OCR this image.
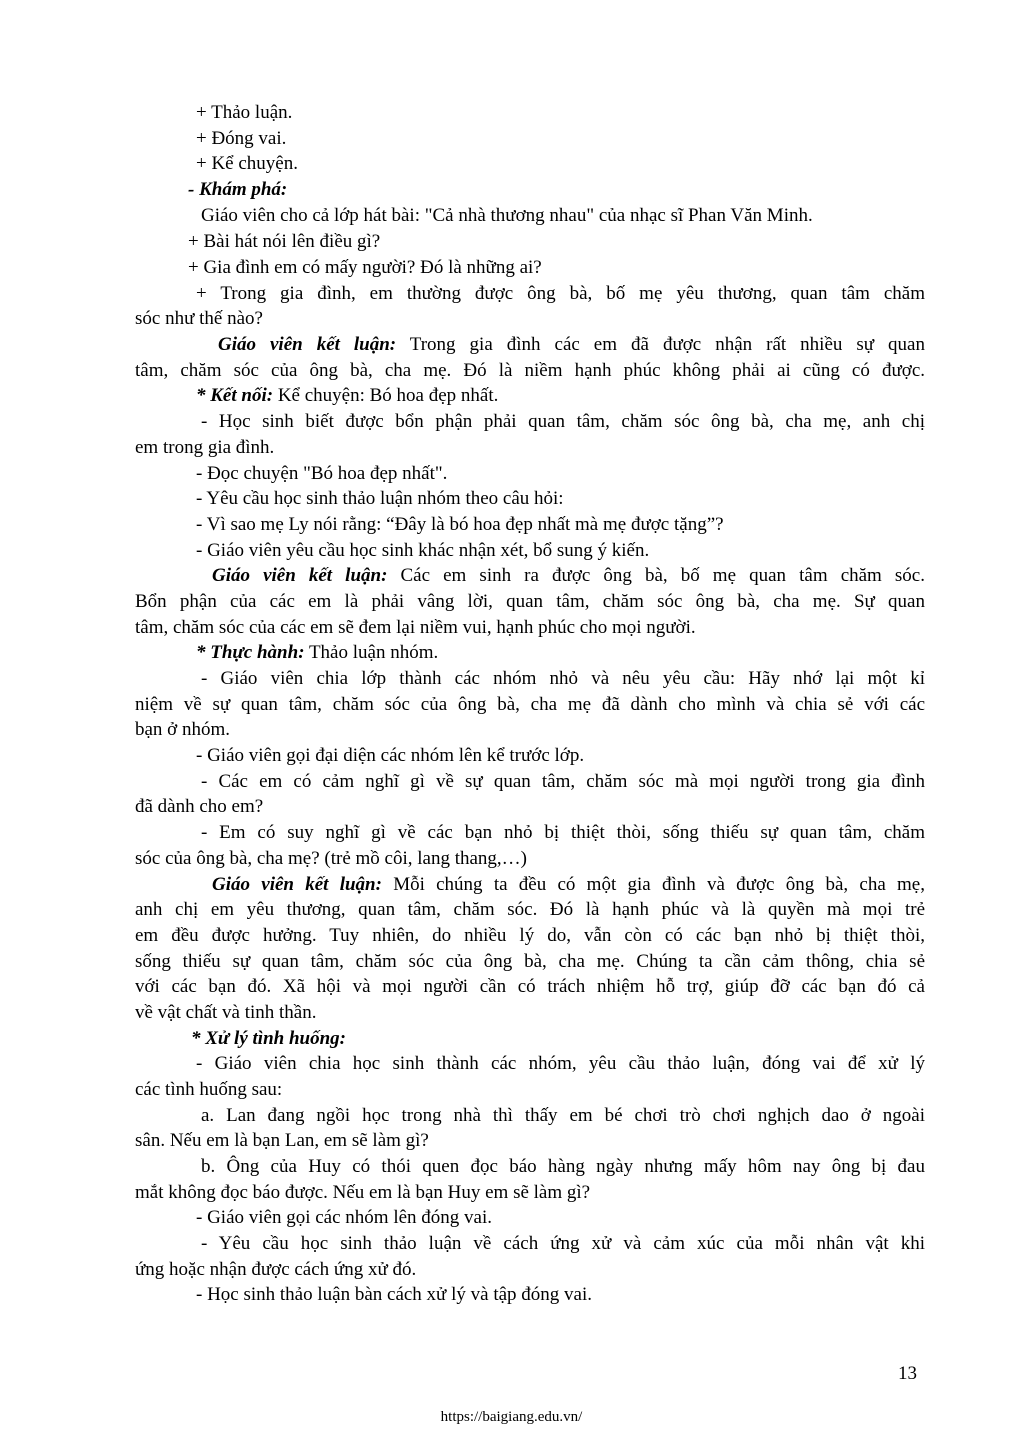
+ Thảo luận.
+ Đóng vai.
+ Kể chuyện.
- Khám phá:
Giáo viên cho cả lớp hát bài: "Cả nhà thương nhau" của nhạc sĩ Phan Văn Minh.
+ Bài hát nói lên điều gì?
+ Gia đình em có mấy người? Đó là những ai?
+ Trong gia đình, em thường được ông bà, bố mẹ yêu thương, quan tâm chăm
sóc như thế nào?
Giáo viên kết luận: Trong gia đình các em đã được nhận rất nhiều sự quan
tâm, chăm sóc của ông bà, cha mẹ. Đó là niềm hạnh phúc không phải ai cũng có được.
* Kết nối: Kể chuyện: Bó hoa đẹp nhất.
- Học sinh biết được bổn phận phải quan tâm, chăm sóc ông bà, cha mẹ, anh chị
em trong gia đình.
- Đọc chuyện "Bó hoa đẹp nhất".
- Yêu cầu học sinh thảo luận nhóm theo câu hỏi:
- Vì sao mẹ Ly nói rằng: “Đây là bó hoa đẹp nhất mà mẹ được tặng”?
- Giáo viên yêu cầu học sinh khác nhận xét, bổ sung ý kiến.
Giáo viên kết luận: Các em sinh ra được ông bà, bố mẹ quan tâm chăm sóc.
Bổn phận của các em là phải vâng lời, quan tâm, chăm sóc ông bà, cha mẹ. Sự quan
tâm, chăm sóc của các em sẽ đem lại niềm vui, hạnh phúc cho mọi người.
* Thực hành: Thảo luận nhóm.
- Giáo viên chia lớp thành các nhóm nhỏ và nêu yêu cầu: Hãy nhớ lại một kỉ
niệm về sự quan tâm, chăm sóc của ông bà, cha mẹ đã dành cho mình và chia sẻ với các
bạn ở nhóm.
- Giáo viên gọi đại diện các nhóm lên kể trước lớp.
- Các em có cảm nghĩ gì về sự quan tâm, chăm sóc mà mọi người trong gia đình
đã dành cho em?
- Em có suy nghĩ gì về các bạn nhỏ bị thiệt thòi, sống thiếu sự quan tâm, chăm
sóc của ông bà, cha mẹ? (trẻ mồ côi, lang thang,…)
Giáo viên kết luận: Mỗi chúng ta đều có một gia đình và được ông bà, cha mẹ,
anh chị em yêu thương, quan tâm, chăm sóc. Đó là hạnh phúc và là quyền mà mọi trẻ
em đều được hưởng. Tuy nhiên, do nhiều lý do, vẫn còn có các bạn nhỏ bị thiệt thòi,
sống thiếu sự quan tâm, chăm sóc của ông bà, cha mẹ. Chúng ta cần cảm thông, chia sẻ
với các bạn đó. Xã hội và mọi người cần có trách nhiệm hỗ trợ, giúp đỡ các bạn đó cả
về vật chất và tinh thần.
* Xử lý tình huống:
- Giáo viên chia học sinh thành các nhóm, yêu cầu thảo luận, đóng vai để xử lý
các tình huống sau:
a. Lan đang ngồi học trong nhà thì thấy em bé chơi trò chơi nghịch dao ở ngoài
sân. Nếu em là bạn Lan, em sẽ làm gì?
b. Ông của Huy có thói quen đọc báo hàng ngày nhưng mấy hôm nay ông bị đau
mắt không đọc báo được. Nếu em là bạn Huy em sẽ làm gì?
- Giáo viên gọi các nhóm lên đóng vai.
- Yêu cầu học sinh thảo luận về cách ứng xử và cảm xúc của mỗi nhân vật khi
ứng hoặc nhận được cách ứng xử đó.
- Học sinh thảo luận bàn cách xử lý và tập đóng vai.
13
https://baigiang.edu.vn/
